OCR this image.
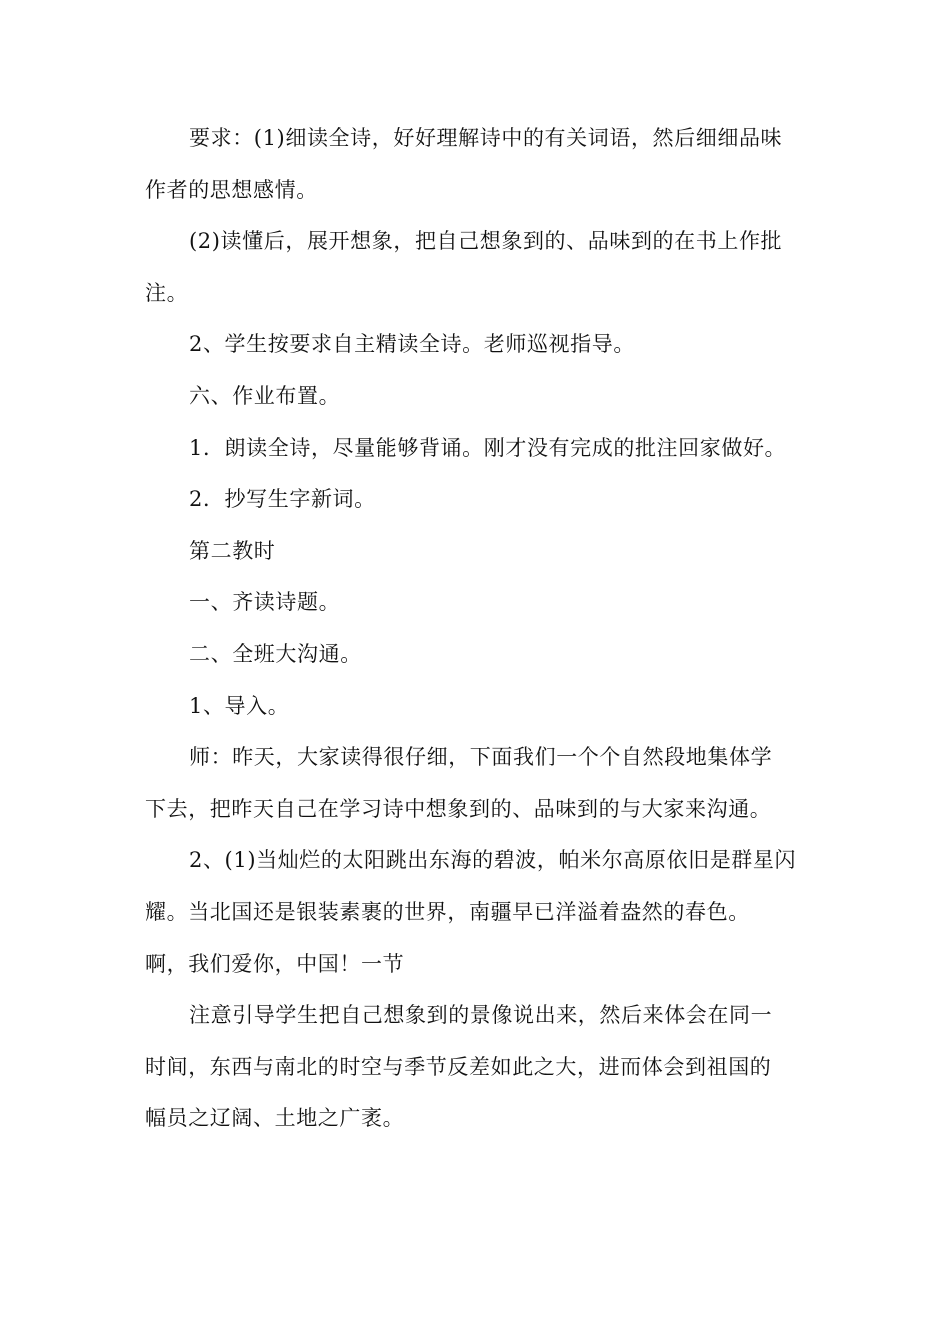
要求：(1)细读全诗，好好理解诗中的有关词语，然后细细品味
作者的思想感情。
(2)读懂后，展开想象，把自己想象到的、品味到的在书上作批
注。
2、学生按要求自主精读全诗。老师巡视指导。
六、作业布置。
1．朗读全诗，尽量能够背诵。刚才没有完成的批注回家做好。
2．抄写生字新词。
第二教时
一、齐读诗题。
二、全班大沟通。
1、导入。
师：昨天，大家读得很仔细，下面我们一个个自然段地集体学
下去，把昨天自己在学习诗中想象到的、品味到的与大家来沟通。
2、(1)当灿烂的太阳跳出东海的碧波，帕米尔高原依旧是群星闪
耀。当北国还是银装素裹的世界，南疆早已洋溢着盎然的春色。
啊，我们爱你，中国！一节
注意引导学生把自己想象到的景像说出来，然后来体会在同一
时间，东西与南北的时空与季节反差如此之大，进而体会到祖国的
幅员之辽阔、土地之广袤。
